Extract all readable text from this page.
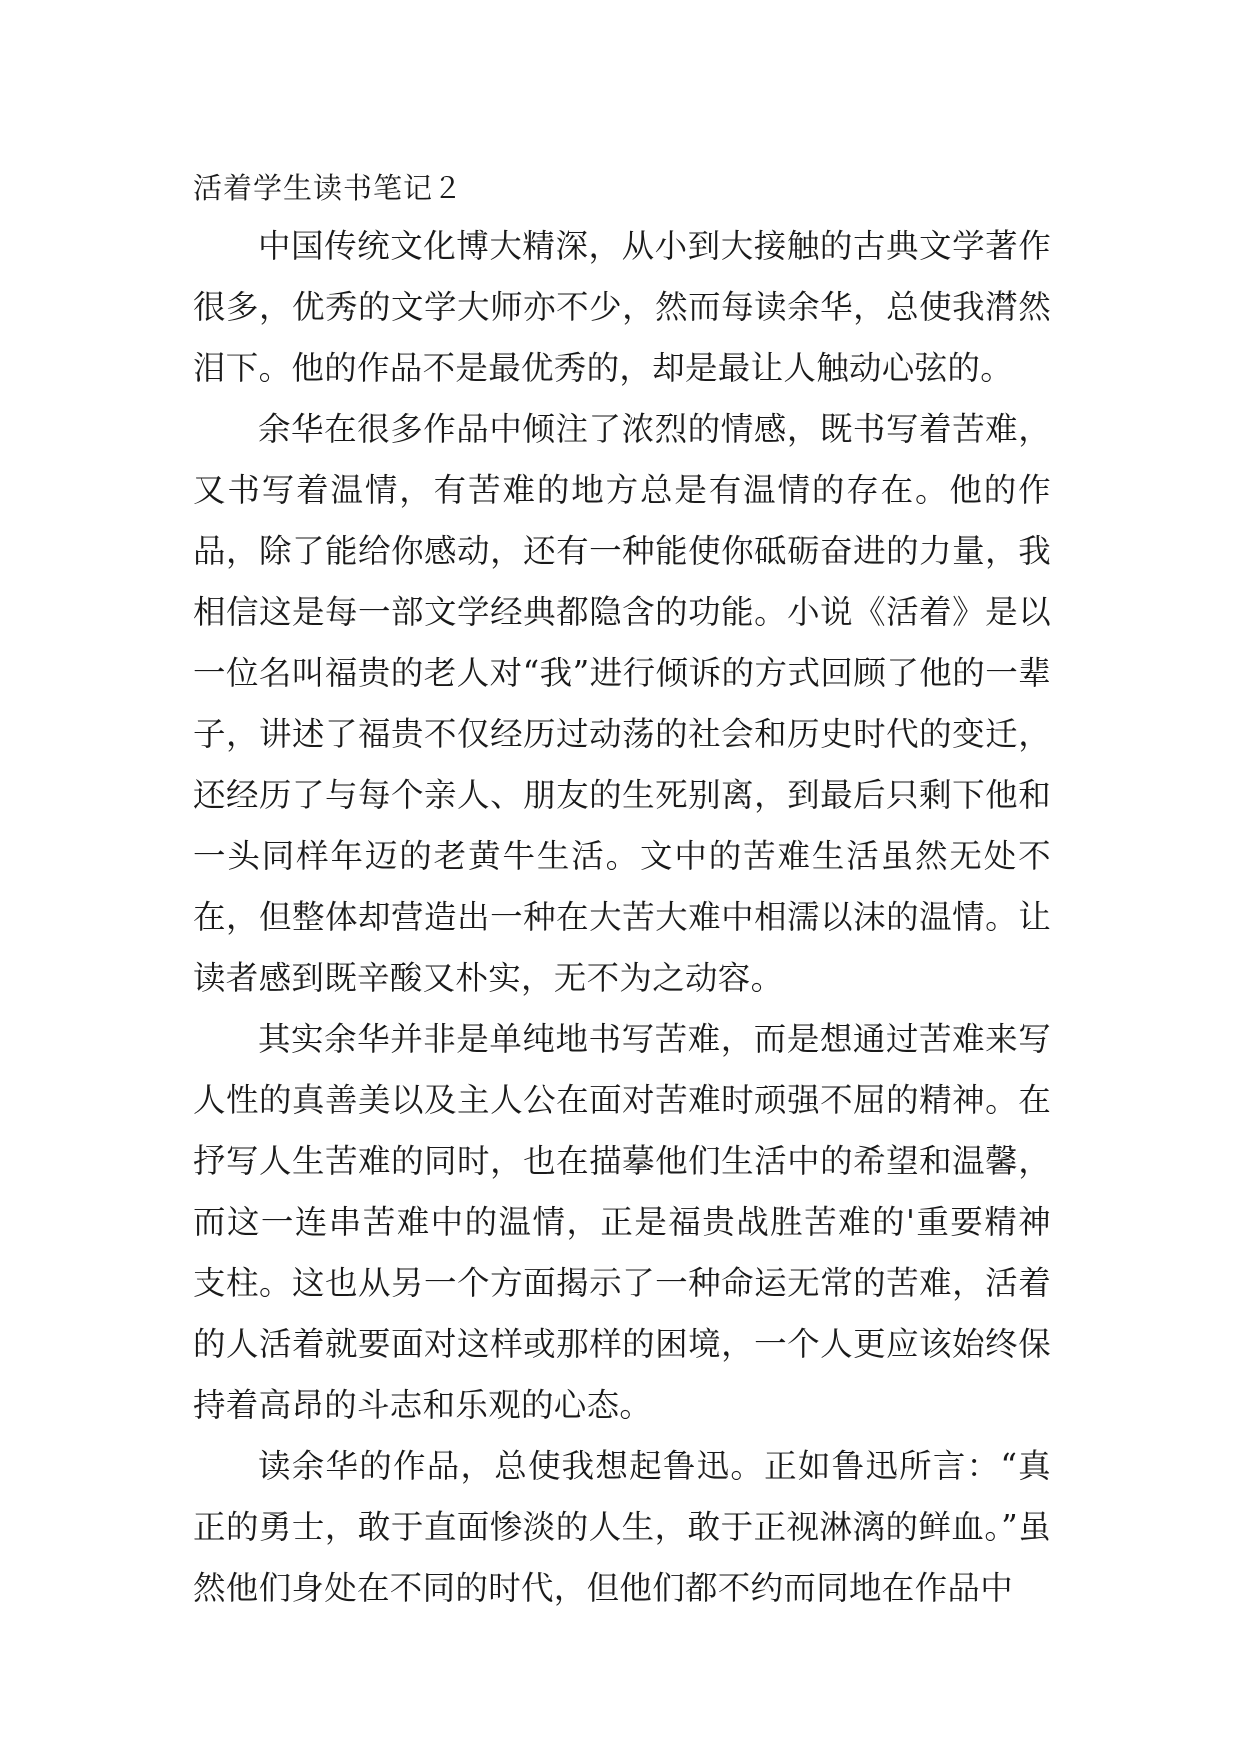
活着学生读书笔记２

中国传统文化博大精深，从小到大接触的古典文学著作很多，优秀的文学大师亦不少，然而每读余华，总使我潸然泪下。他的作品不是最优秀的，却是最让人触动心弦的。

余华在很多作品中倾注了浓烈的情感，既书写着苦难，又书写着温情，有苦难的地方总是有温情的存在。他的作品，除了能给你感动，还有一种能使你砥砺奋进的力量，我相信这是每一部文学经典都隐含的功能。小说《活着》是以一位名叫福贵的老人对“我”进行倾诉的方式回顾了他的一辈子，讲述了福贵不仅经历过动荡的社会和历史时代的变迁，还经历了与每个亲人、朋友的生死别离，到最后只剩下他和一头同样年迈的老黄牛生活。文中的苦难生活虽然无处不在，但整体却营造出一种在大苦大难中相濡以沫的温情。让读者感到既辛酸又朴实，无不为之动容。

其实余华并非是单纯地书写苦难，而是想通过苦难来写人性的真善美以及主人公在面对苦难时顽强不屈的精神。在抒写人生苦难的同时，也在描摹他们生活中的希望和温馨，而这一连串苦难中的温情，正是福贵战胜苦难的'重要精神支柱。这也从另一个方面揭示了一种命运无常的苦难，活着的人活着就要面对这样或那样的困境，一个人更应该始终保持着高昂的斗志和乐观的心态。

读余华的作品，总使我想起鲁迅。正如鲁迅所言：“真正的勇士，敢于直面惨淡的人生，敢于正视淋漓的鲜血。”虽然他们身处在不同的时代，但他们都不约而同地在作品中
